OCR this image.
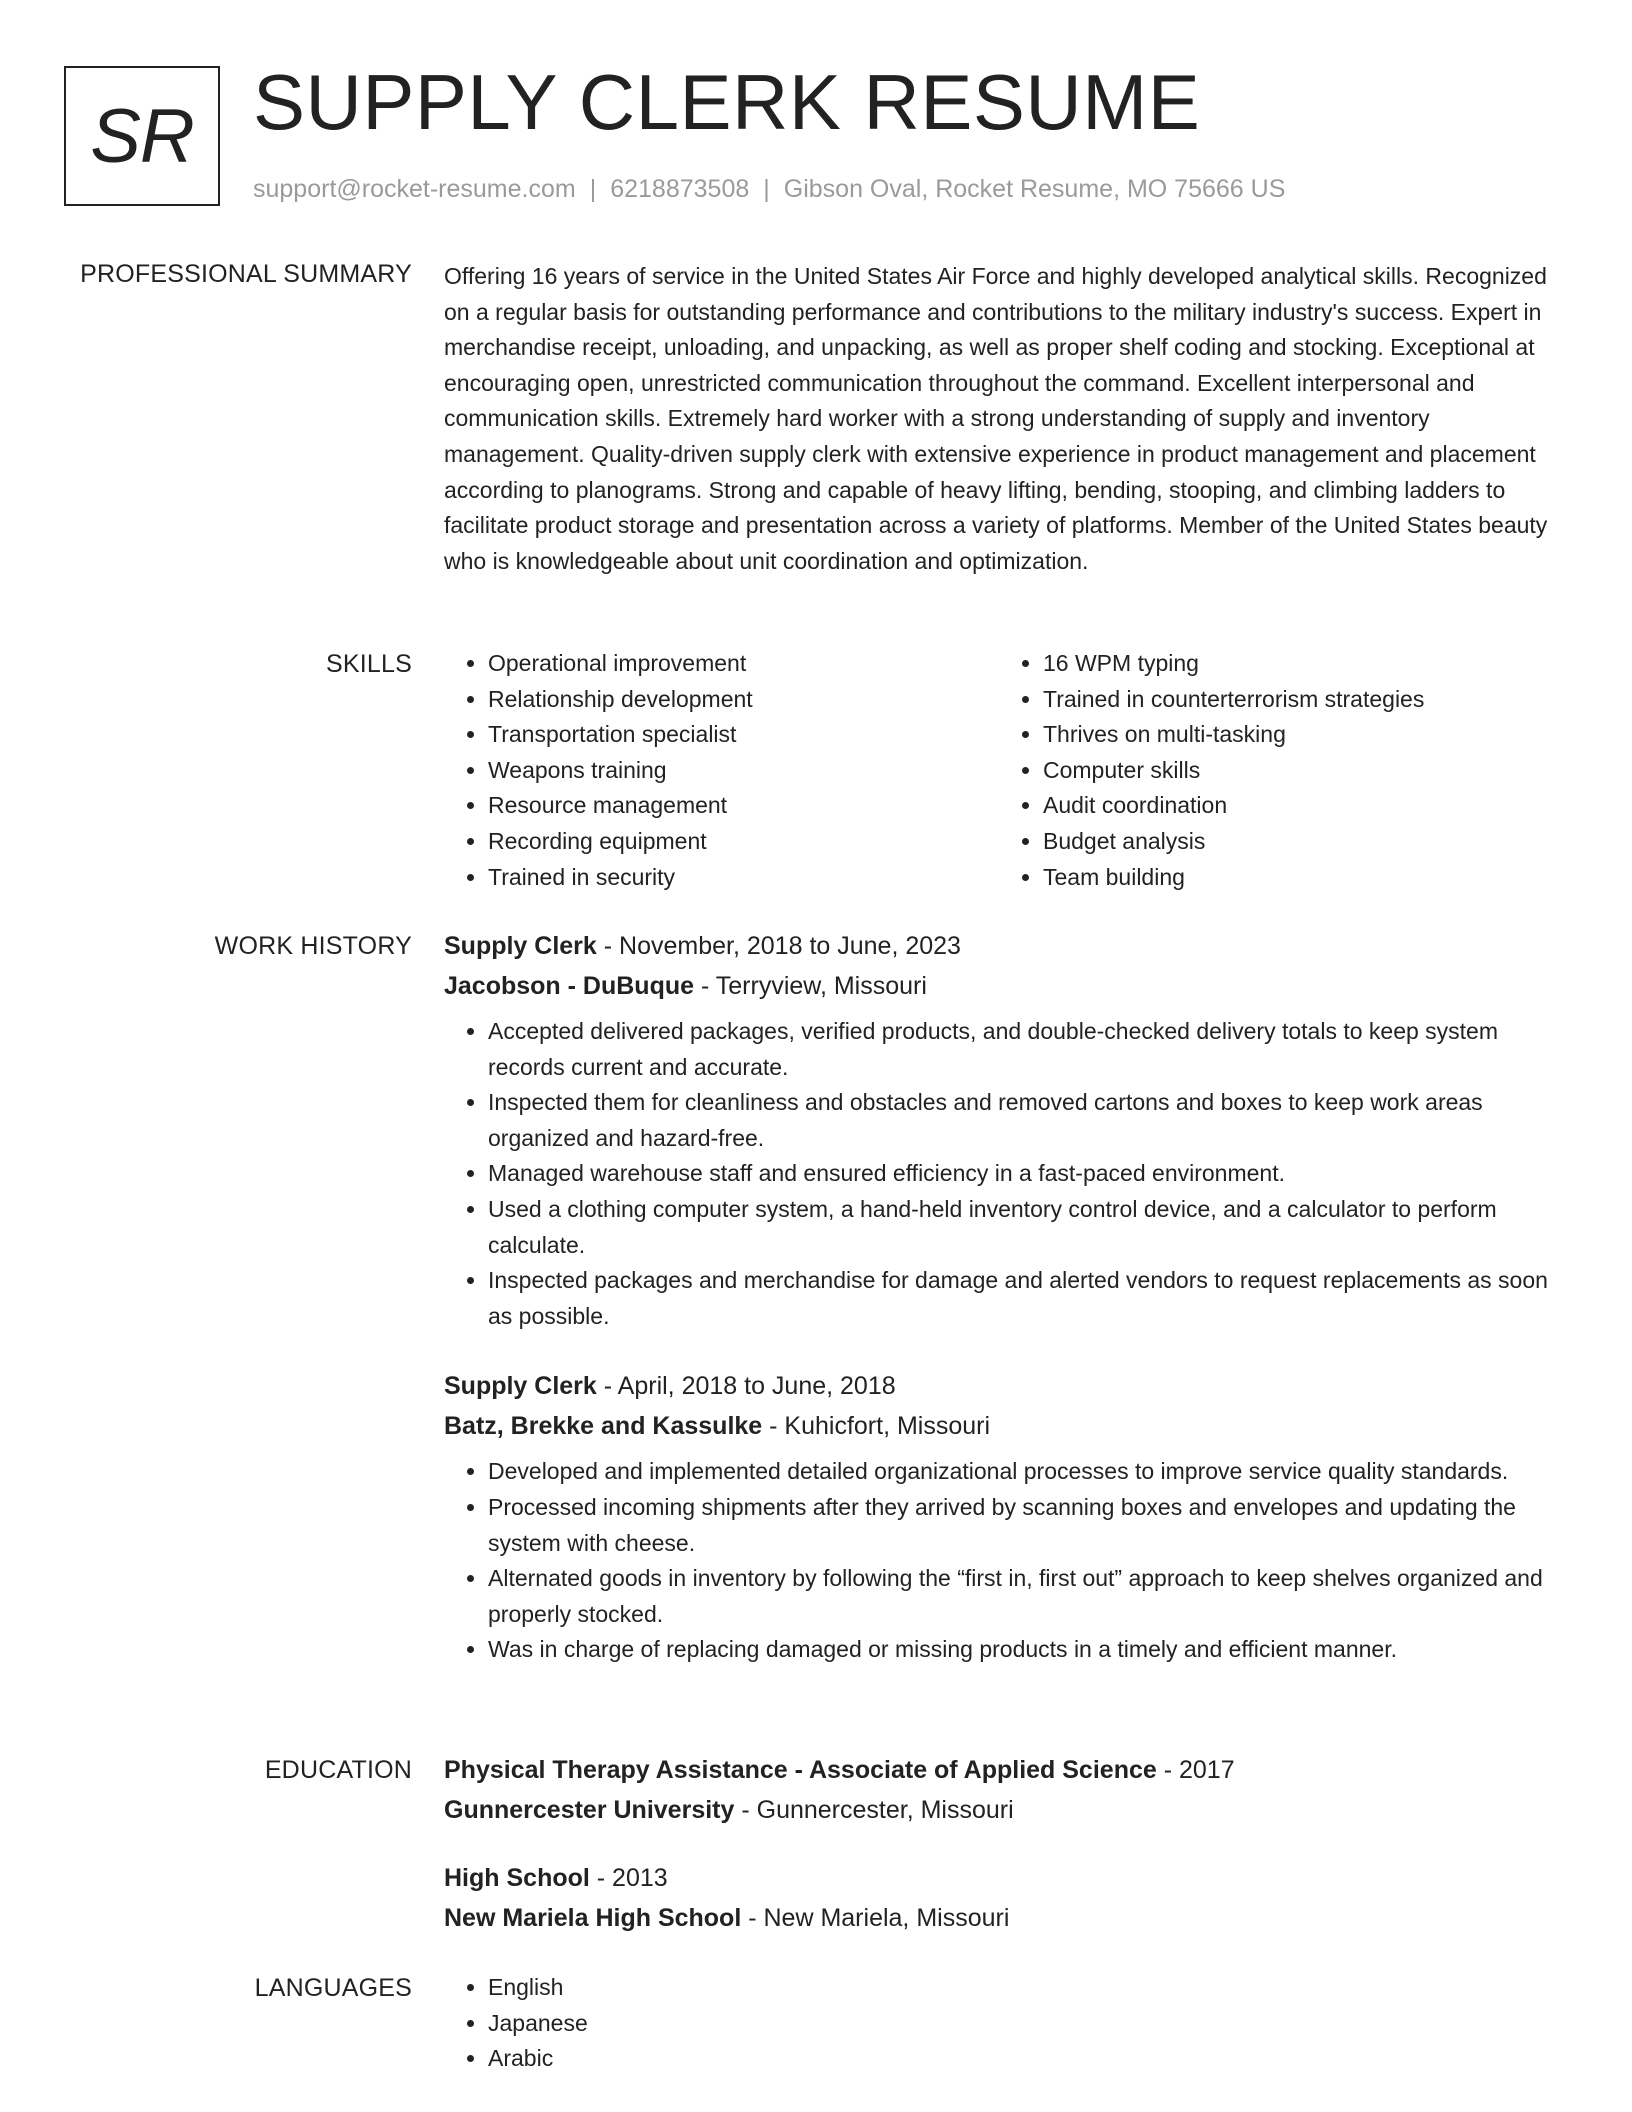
SR SUPPLY CLERK RESUME
support@rocket-resume.com | 6218873508 | Gibson Oval, Rocket Resume, MO 75666 US
PROFESSIONAL SUMMARY Offering 16 years of service in the United States Air Force and highly developed analytical skills. Recognized on a regular basis for outstanding performance and contributions to the military industry's success. Expert in merchandise receipt, unloading, and unpacking, as well as proper shelf coding and stocking. Exceptional at encouraging open, unrestricted communication throughout the command. Excellent interpersonal and communication skills. Extremely hard worker with a strong understanding of supply and inventory management. Quality-driven supply clerk with extensive experience in product management and placement according to planograms. Strong and capable of heavy lifting, bending, stooping, and climbing ladders to facilitate product storage and presentation across a variety of platforms. Member of the United States beauty who is knowledgeable about unit coordination and optimization.

SKILLS	• Operational improvement
• Relationship development
• Transportation specialist
• Weapons training
• Resource management
• Recording equipment
• Trained in security
• 16 WPM typing
• Trained in counterterrorism strategies
• Thrives on multi-tasking
• Computer skills
• Audit coordination
• Budget analysis
• Team building
WORK HISTORY Supply Clerk - November, 2018 to June, 2023
Jacobson - DuBuque - Terryview, Missouri
• Accepted delivered packages, verified products, and double-checked delivery totals to keep system records current and accurate.
• Inspected them for cleanliness and obstacles and removed cartons and boxes to keep work areas organized and hazard-free.
• Managed warehouse staff and ensured efficiency in a fast-paced environment.
• Used a clothing computer system, a hand-held inventory control device, and a calculator to perform calculate.
• Inspected packages and merchandise for damage and alerted vendors to request replacements as soon as possible.
Supply Clerk - April, 2018 to June, 2018
Batz, Brekke and Kassulke - Kuhicfort, Missouri
• Developed and implemented detailed organizational processes to improve service quality standards.
• Processed incoming shipments after they arrived by scanning boxes and envelopes and updating the system with cheese.
• Alternated goods in inventory by following the “first in, first out” approach to keep shelves organized and properly stocked.
• Was in charge of replacing damaged or missing products in a timely and efficient manner.
EDUCATION Physical Therapy Assistance - Associate of Applied Science - 2017
Gunnercester University - Gunnercester, Missouri
High School - 2013
New Mariela High School - New Mariela, Missouri
LANGUAGES	• English
• Japanese
• Arabic
